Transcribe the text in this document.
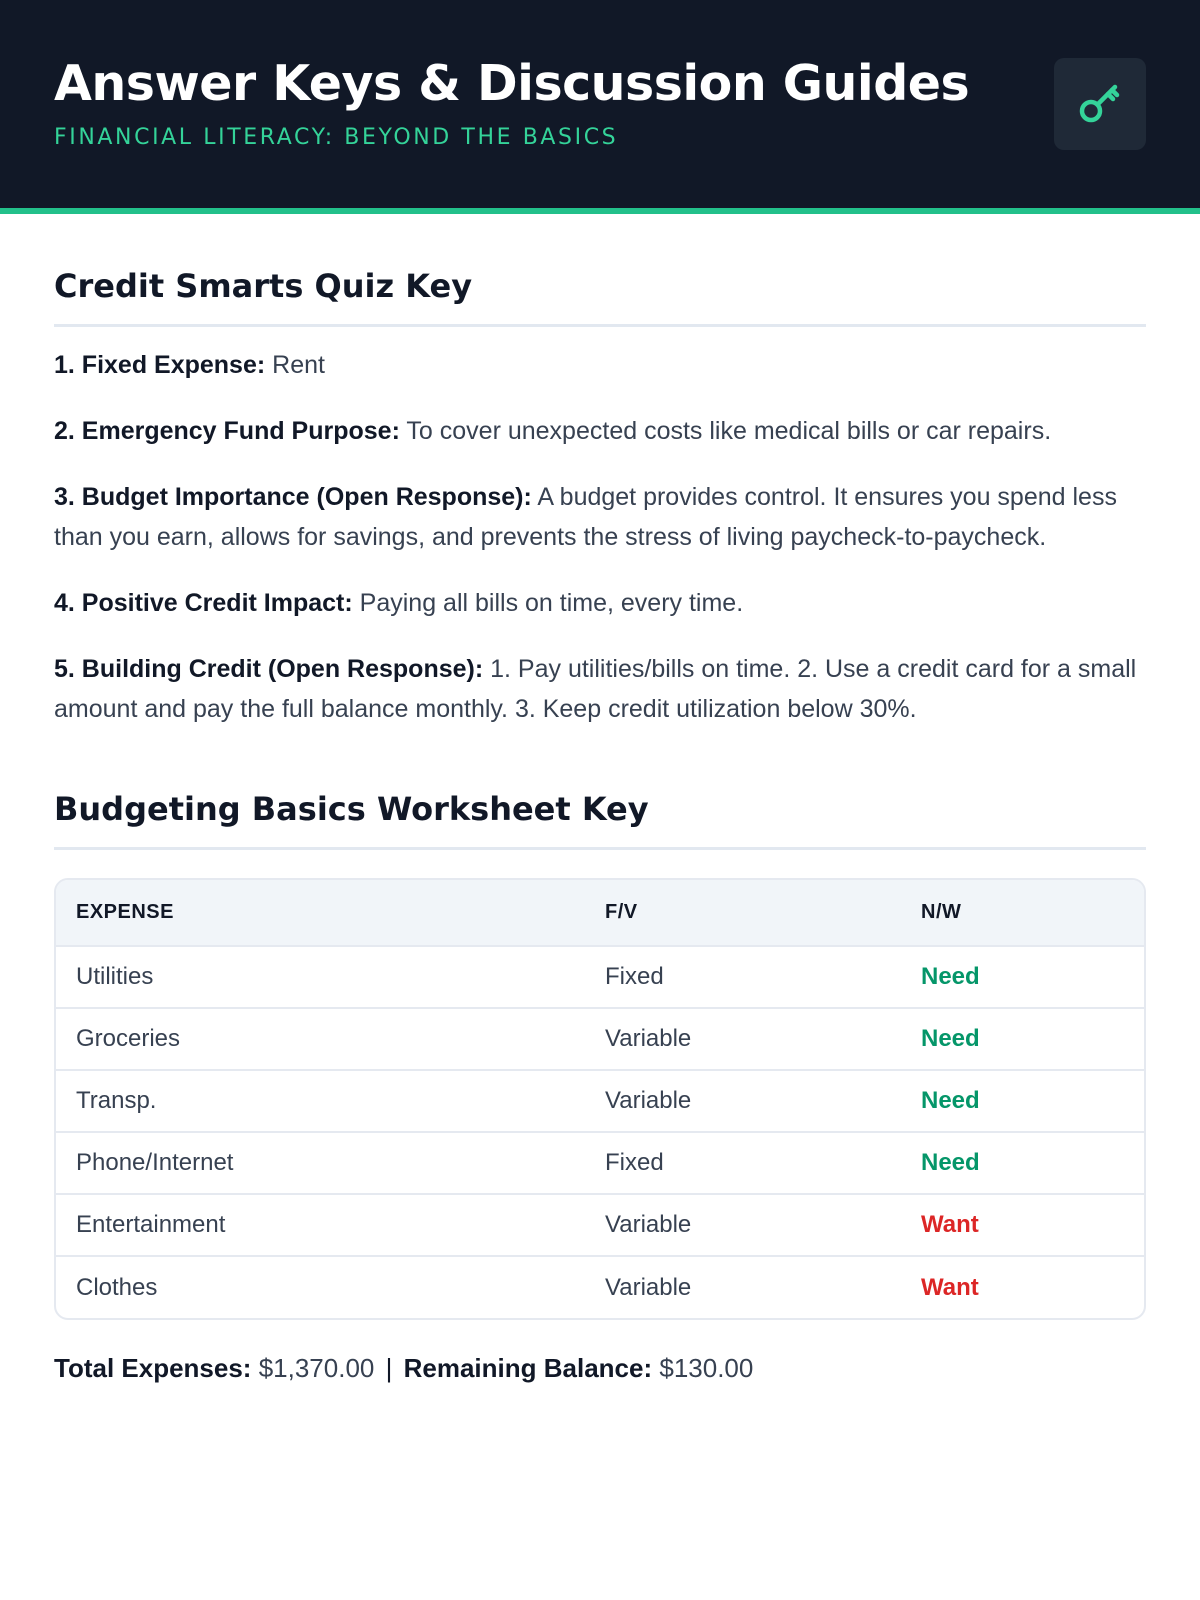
Answer Keys & Discussion Guides
FINANCIAL LITERACY: BEYOND THE BASICS
Credit Smarts Quiz Key

1. Fixed Expense: Rent

2. Emergency Fund Purpose: To cover unexpected costs like medical bills or car repairs.

3. Budget Importance (Open Response): A budget provides control. It ensures you spend less than you earn, allows for savings, and prevents the stress of living paycheck-to-paycheck.

4. Positive Credit Impact: Paying all bills on time, every time.

5. Building Credit (Open Response): 1. Pay utilities/bills on time. 2. Use a credit card for a small amount and pay the full balance monthly. 3. Keep credit utilization below 30%.

Budgeting Basics Worksheet Key
EXPENSE	F/V	N/W
Utilities	Fixed	Need
Groceries	Variable	Need
Transp.	Variable	Need
Phone/Internet	Fixed	Need
Entertainment	Variable	Want
Clothes	Variable	Want

Total Expenses: $1,370.00 | Remaining Balance: $130.00
